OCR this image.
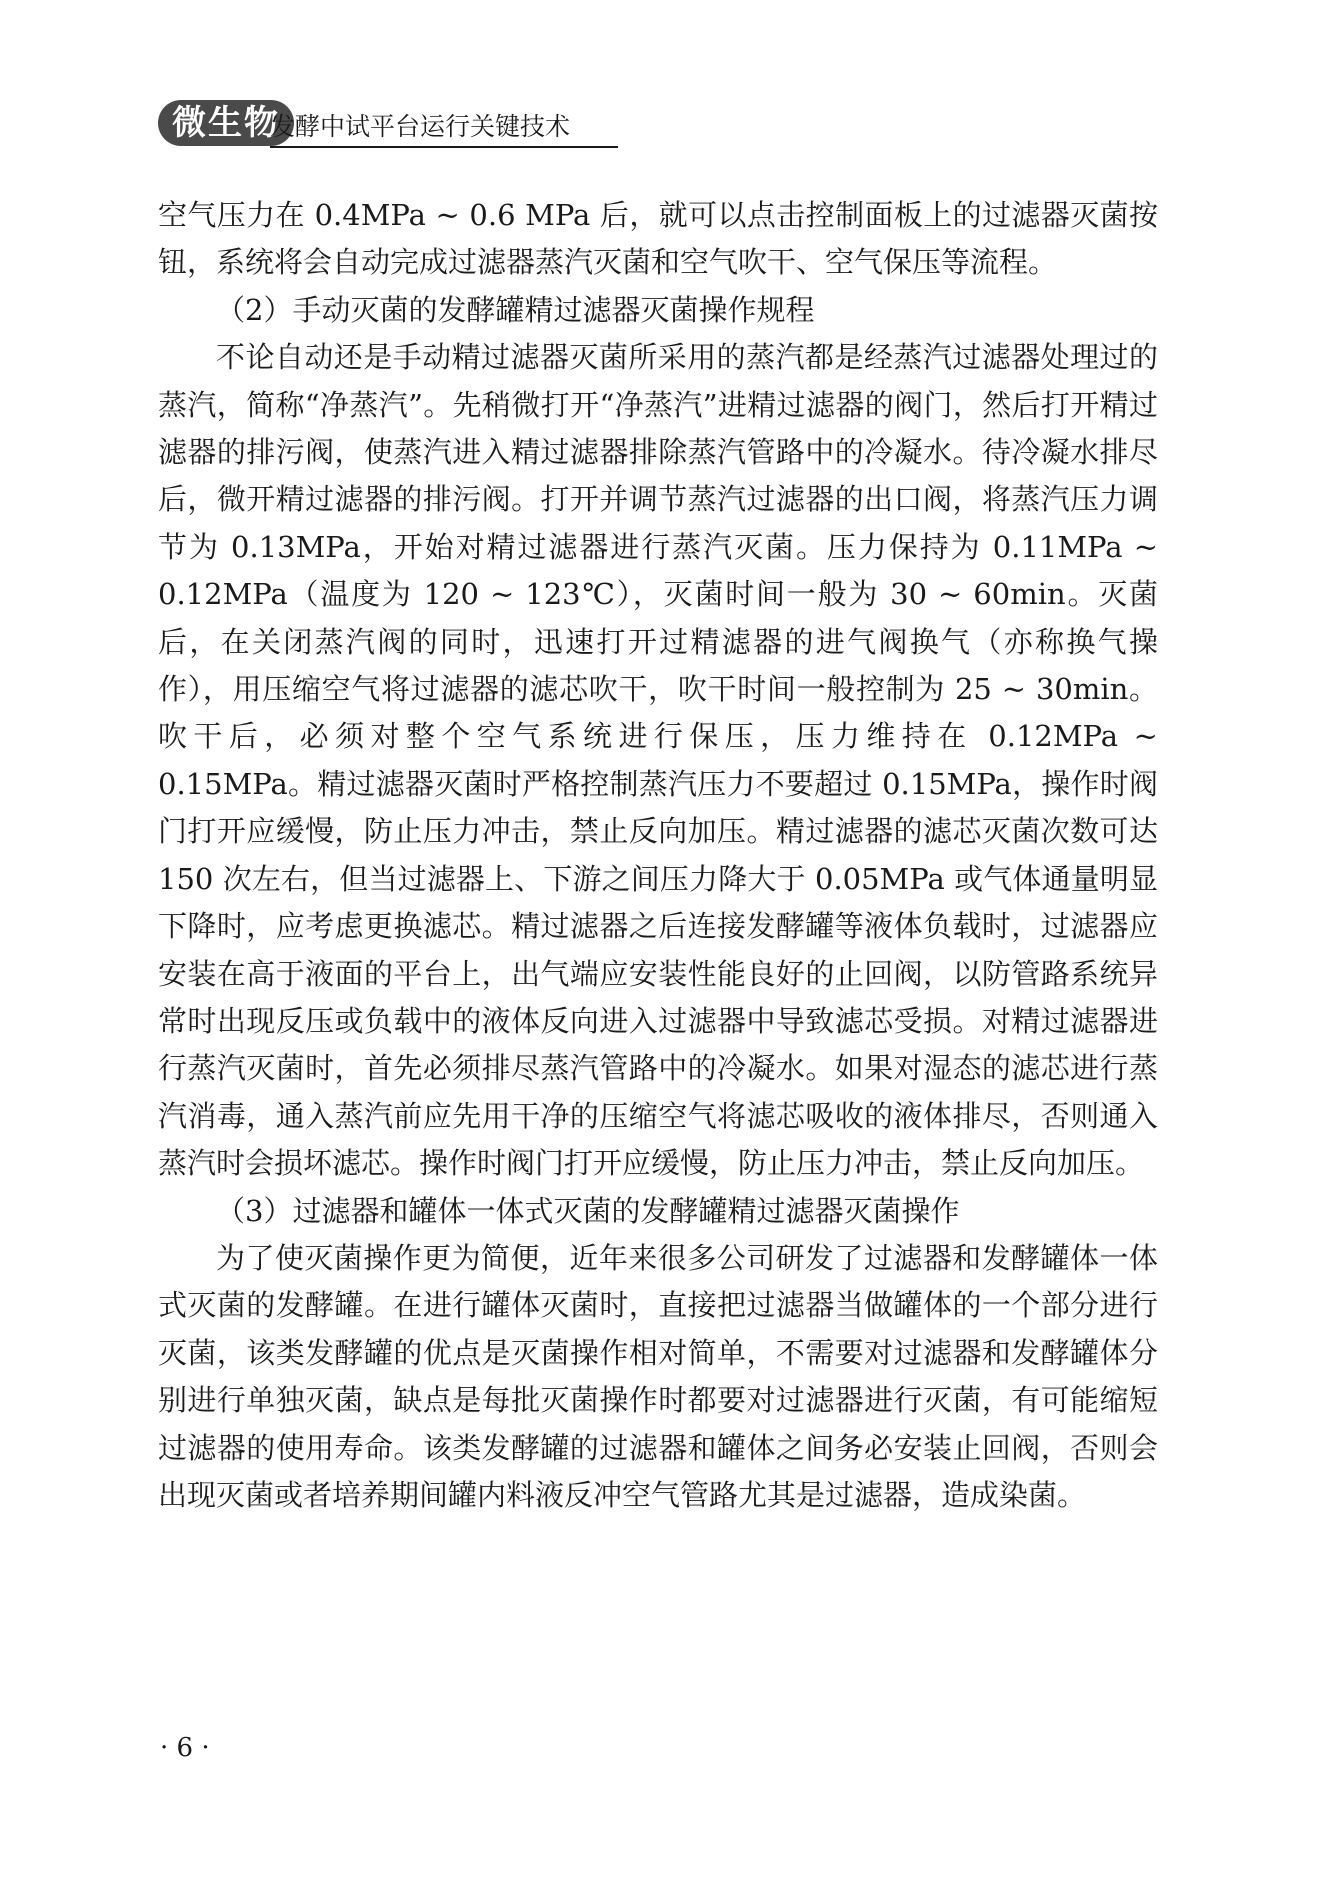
微生物
发酵中试平台运行关键技术

空气压力在 0.4MPa ~ 0.6 MPa 后，就可以点击控制面板上的过滤器灭菌按钮，系统将会自动完成过滤器蒸汽灭菌和空气吹干、空气保压等流程。

（2）手动灭菌的发酵罐精过滤器灭菌操作规程

不论自动还是手动精过滤器灭菌所采用的蒸汽都是经蒸汽过滤器处理过的蒸汽，简称“净蒸汽”。先稍微打开“净蒸汽”进精过滤器的阀门，然后打开精过滤器的排污阀，使蒸汽进入精过滤器排除蒸汽管路中的冷凝水。待冷凝水排尽后，微开精过滤器的排污阀。打开并调节蒸汽过滤器的出口阀，将蒸汽压力调节为 0.13MPa，开始对精过滤器进行蒸汽灭菌。压力保持为 0.11MPa ~ 0.12MPa（温度为 120 ~ 123℃），灭菌时间一般为 30 ~ 60min。灭菌后，在关闭蒸汽阀的同时，迅速打开过精滤器的进气阀换气（亦称换气操作），用压缩空气将过滤器的滤芯吹干，吹干时间一般控制为 25 ~ 30min。吹干后，必须对整个空气系统进行保压，压力维持在 0.12MPa ~ 0.15MPa。精过滤器灭菌时严格控制蒸汽压力不要超过 0.15MPa，操作时阀门打开应缓慢，防止压力冲击，禁止反向加压。精过滤器的滤芯灭菌次数可达 150 次左右，但当过滤器上、下游之间压力降大于 0.05MPa 或气体通量明显下降时，应考虑更换滤芯。精过滤器之后连接发酵罐等液体负载时，过滤器应安装在高于液面的平台上，出气端应安装性能良好的止回阀，以防管路系统异常时出现反压或负载中的液体反向进入过滤器中导致滤芯受损。对精过滤器进行蒸汽灭菌时，首先必须排尽蒸汽管路中的冷凝水。如果对湿态的滤芯进行蒸汽消毒，通入蒸汽前应先用干净的压缩空气将滤芯吸收的液体排尽，否则通入蒸汽时会损坏滤芯。操作时阀门打开应缓慢，防止压力冲击，禁止反向加压。

（3）过滤器和罐体一体式灭菌的发酵罐精过滤器灭菌操作

为了使灭菌操作更为简便，近年来很多公司研发了过滤器和发酵罐体一体式灭菌的发酵罐。在进行罐体灭菌时，直接把过滤器当做罐体的一个部分进行灭菌，该类发酵罐的优点是灭菌操作相对简单，不需要对过滤器和发酵罐体分别进行单独灭菌，缺点是每批灭菌操作时都要对过滤器进行灭菌，有可能缩短过滤器的使用寿命。该类发酵罐的过滤器和罐体之间务必安装止回阀，否则会出现灭菌或者培养期间罐内料液反冲空气管路尤其是过滤器，造成染菌。

· 6 ·
